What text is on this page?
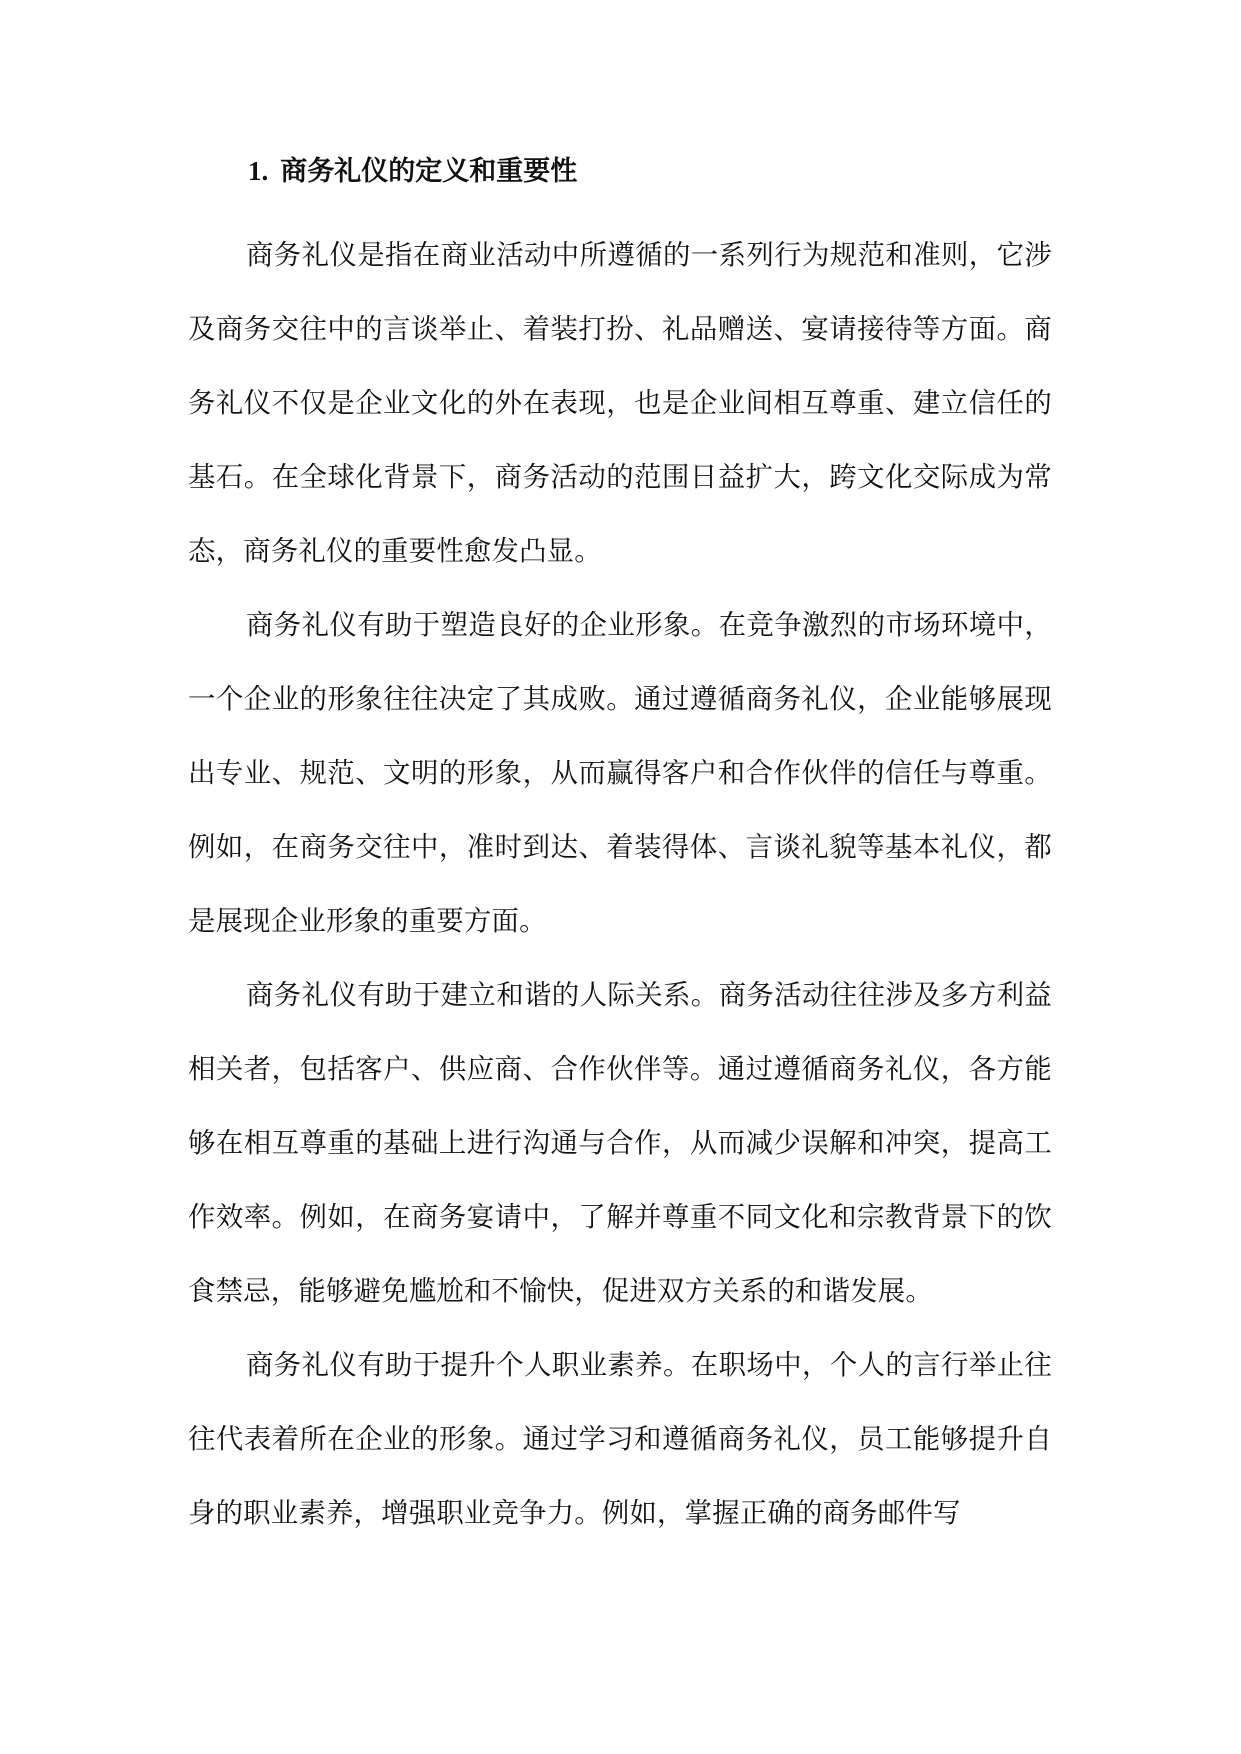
1. 商务礼仪的定义和重要性

商务礼仪是指在商业活动中所遵循的一系列行为规范和准则，它涉及商务交往中的言谈举止、着装打扮、礼品赠送、宴请接待等方面。商务礼仪不仅是企业文化的外在表现，也是企业间相互尊重、建立信任的基石。在全球化背景下，商务活动的范围日益扩大，跨文化交际成为常态，商务礼仪的重要性愈发凸显。

商务礼仪有助于塑造良好的企业形象。在竞争激烈的市场环境中，一个企业的形象往往决定了其成败。通过遵循商务礼仪，企业能够展现出专业、规范、文明的形象，从而赢得客户和合作伙伴的信任与尊重。例如，在商务交往中，准时到达、着装得体、言谈礼貌等基本礼仪，都是展现企业形象的重要方面。

商务礼仪有助于建立和谐的人际关系。商务活动往往涉及多方利益相关者，包括客户、供应商、合作伙伴等。通过遵循商务礼仪，各方能够在相互尊重的基础上进行沟通与合作，从而减少误解和冲突，提高工作效率。例如，在商务宴请中，了解并尊重不同文化和宗教背景下的饮食禁忌，能够避免尴尬和不愉快，促进双方关系的和谐发展。

商务礼仪有助于提升个人职业素养。在职场中，个人的言行举止往往代表着所在企业的形象。通过学习和遵循商务礼仪，员工能够提升自身的职业素养，增强职业竞争力。例如，掌握正确的商务邮件写
